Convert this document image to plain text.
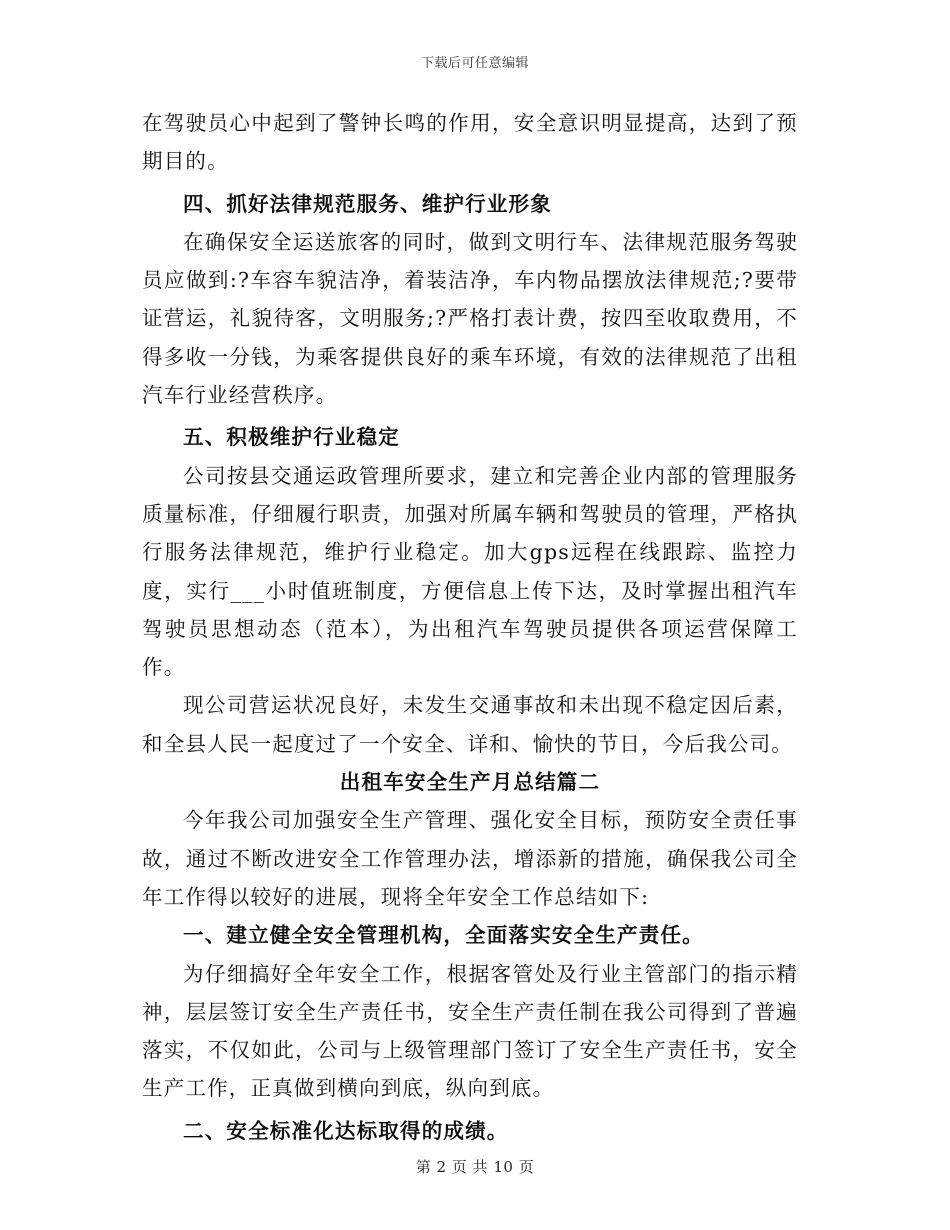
下载后可任意编辑

在驾驶员心中起到了警钟长鸣的作用，安全意识明显提高，达到了预期目的。

四、抓好法律规范服务、维护行业形象

在确保安全运送旅客的同时，做到文明行车、法律规范服务驾驶员应做到:?车容车貌洁净，着装洁净，车内物品摆放法律规范;?要带证营运，礼貌待客，文明服务;?严格打表计费，按四至收取费用，不得多收一分钱，为乘客提供良好的乘车环境，有效的法律规范了出租汽车行业经营秩序。

五、积极维护行业稳定

公司按县交通运政管理所要求，建立和完善企业内部的管理服务质量标准，仔细履行职责，加强对所属车辆和驾驶员的管理，严格执行服务法律规范，维护行业稳定。加大gps远程在线跟踪、监控力度，实行___小时值班制度，方便信息上传下达，及时掌握出租汽车驾驶员思想动态（范本），为出租汽车驾驶员提供各项运营保障工作。

现公司营运状况良好，未发生交通事故和未出现不稳定因后素，和全县人民一起度过了一个安全、详和、愉快的节日，今后我公司。

出租车安全生产月总结篇二

今年我公司加强安全生产管理、强化安全目标，预防安全责任事故，通过不断改进安全工作管理办法，增添新的措施，确保我公司全年工作得以较好的进展，现将全年安全工作总结如下:

一、建立健全安全管理机构，全面落实安全生产责任。

为仔细搞好全年安全工作，根据客管处及行业主管部门的指示精神，层层签订安全生产责任书，安全生产责任制在我公司得到了普遍落实，不仅如此，公司与上级管理部门签订了安全生产责任书，安全生产工作，正真做到横向到底，纵向到底。

二、安全标准化达标取得的成绩。
第 2 页 共 10 页
